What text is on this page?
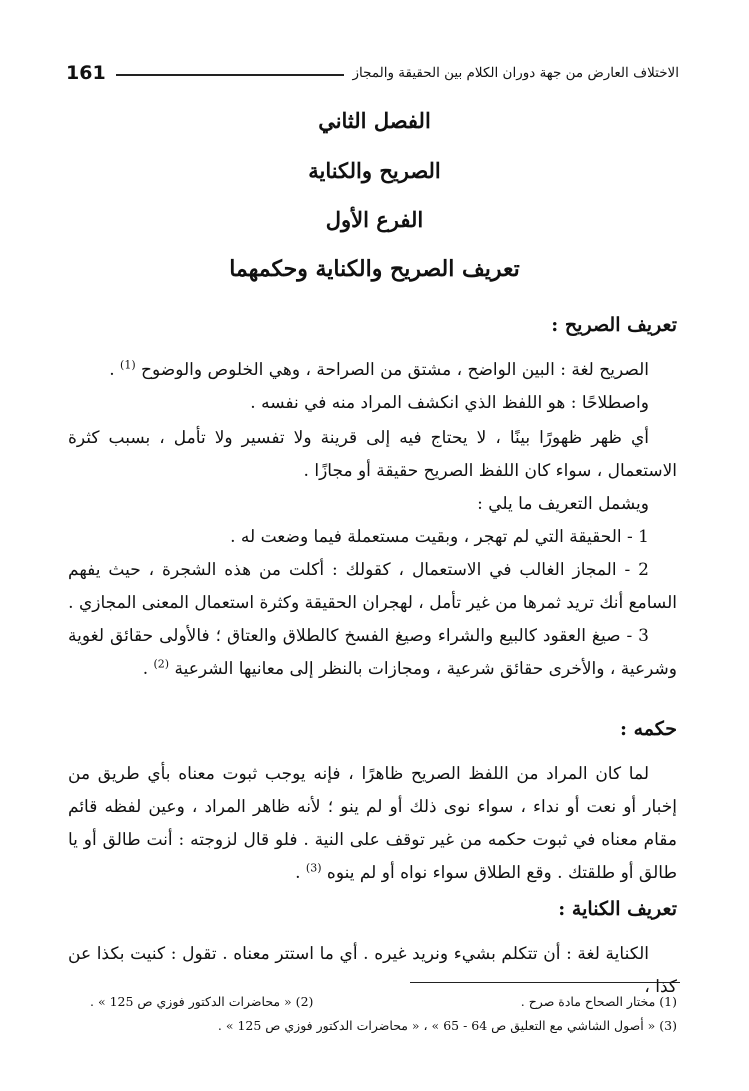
161	الاختلاف العارض من جهة دوران الكلام بين الحقيقة والمجاز
الفصل الثاني
الصريح والكناية
الفرع الأول
تعريف الصريح والكناية وحكمهما
تعريف الصريح :

الصريح لغة : البين الواضح ، مشتق من الصراحة ، وهي الخلوص والوضوح $^{(1)}$ .

واصطلاحًا : هو اللفظ الذي انكشف المراد منه في نفسه .

أي ظهر ظهورًا بينًا ، لا يحتاج فيه إلى قرينة ولا تفسير ولا تأمل ، بسبب كثرة الاستعمال ، سواء كان اللفظ الصريح حقيقة أو مجازًا .

ويشمل التعريف ما يلي :

1 - الحقيقة التي لم تهجر ، وبقيت مستعملة فيما وضعت له .

2 - المجاز الغالب في الاستعمال ، كقولك : أكلت من هذه الشجرة ، حيث يفهم السامع أنك تريد ثمرها من غير تأمل ، لهجران الحقيقة وكثرة استعمال المعنى المجازي .

3 - صيغ العقود كالبيع والشراء وصيغ الفسخ كالطلاق والعتاق ؛ فالأولى حقائق لغوية وشرعية ، والأخرى حقائق شرعية ، ومجازات بالنظر إلى معانيها الشرعية $^{(2)}$ .

حكمه :

لما كان المراد من اللفظ الصريح ظاهرًا ، فإنه يوجب ثبوت معناه بأي طريق من إخبار أو نعت أو نداء ، سواء نوى ذلك أو لم ينو ؛ لأنه ظاهر المراد ، وعين لفظه قائم مقام معناه في ثبوت حكمه من غير توقف على النية . فلو قال لزوجته : أنت طالق أو يا طالق أو طلقتك . وقع الطلاق سواء نواه أو لم ينوه $^{(3)}$ .

تعريف الكناية :

الكناية لغة : أن تتكلم بشيء ونريد غيره . أي ما استتر معناه . تقول : كنيت بكذا عن كذا ،

(1) مختار الصحاح مادة صرح .
(2) « محاضرات الدكتور فوزي ص 125 » .
(3) « أصول الشاشي مع التعليق ص 64 - 65 » ، « محاضرات الدكتور فوزي ص 125 » .
